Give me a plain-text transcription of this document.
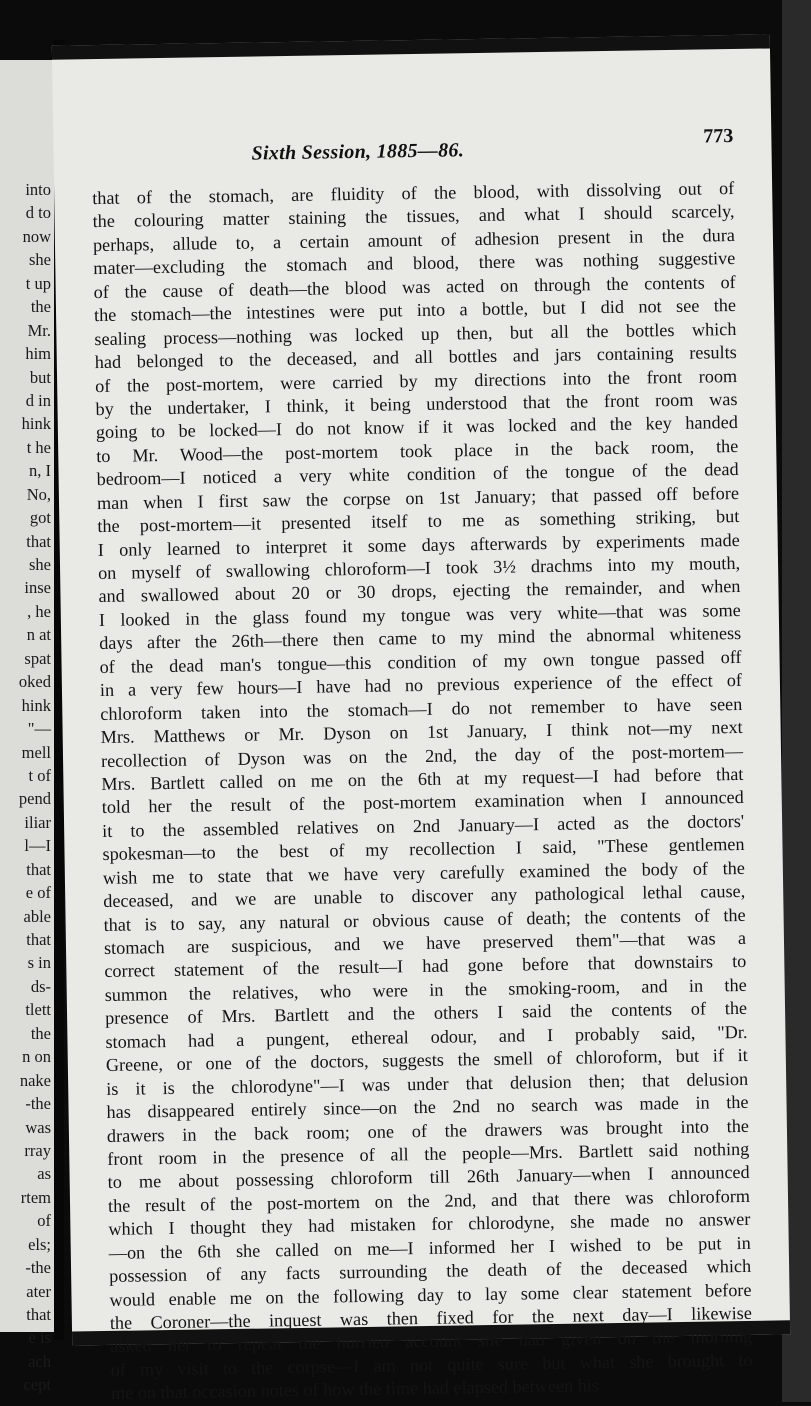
into
d to
now
she
t up
the
Mr.
him
but
d in
hink
t he
n, I
No,
got
that
she
inse
, he
n at
spat
oked
hink
"—
mell
t of
pend
iliar
l—I
that
e of
able
that
s in
ds-
tlett
the
n on
nake
-the
was
rray
as
rtem
of
els;
-the
ater
that
e is
ach
cept
Sixth Session, 1885—86.
773
that of the stomach, are fluidity of the blood, with dissolving out of
the colouring matter staining the tissues, and what I should scarcely,
perhaps, allude to, a certain amount of adhesion present in the dura
mater—excluding the stomach and blood, there was nothing suggestive
of the cause of death—the blood was acted on through the contents of
the stomach—the intestines were put into a bottle, but I did not see the
sealing process—nothing was locked up then, but all the bottles which
had belonged to the deceased, and all bottles and jars containing results
of the post-mortem, were carried by my directions into the front room
by the undertaker, I think, it being understood that the front room was
going to be locked—I do not know if it was locked and the key handed
to Mr. Wood—the post-mortem took place in the back room, the
bedroom—I noticed a very white condition of the tongue of the dead
man when I first saw the corpse on 1st January; that passed off before
the post-mortem—it presented itself to me as something striking, but
I only learned to interpret it some days afterwards by experiments made
on myself of swallowing chloroform—I took 3½ drachms into my mouth,
and swallowed about 20 or 30 drops, ejecting the remainder, and when
I looked in the glass found my tongue was very white—that was some
days after the 26th—there then came to my mind the abnormal whiteness
of the dead man's tongue—this condition of my own tongue passed off
in a very few hours—I have had no previous experience of the effect of
chloroform taken into the stomach—I do not remember to have seen
Mrs. Matthews or Mr. Dyson on 1st January, I think not—my next
recollection of Dyson was on the 2nd, the day of the post-mortem—
Mrs. Bartlett called on me on the 6th at my request—I had before that
told her the result of the post-mortem examination when I announced
it to the assembled relatives on 2nd January—I acted as the doctors'
spokesman—to the best of my recollection I said, "These gentlemen
wish me to state that we have very carefully examined the body of the
deceased, and we are unable to discover any pathological lethal cause,
that is to say, any natural or obvious cause of death; the contents of the
stomach are suspicious, and we have preserved them"—that was a
correct statement of the result—I had gone before that downstairs to
summon the relatives, who were in the smoking-room, and in the
presence of Mrs. Bartlett and the others I said the contents of the
stomach had a pungent, ethereal odour, and I probably said, "Dr.
Greene, or one of the doctors, suggests the smell of chloroform, but if it
is it is the chlorodyne"—I was under that delusion then; that delusion
has disappeared entirely since—on the 2nd no search was made in the
drawers in the back room; one of the drawers was brought into the
front room in the presence of all the people—Mrs. Bartlett said nothing
to me about possessing chloroform till 26th January—when I announced
the result of the post-mortem on the 2nd, and that there was chloroform
which I thought they had mistaken for chlorodyne, she made no answer
—on the 6th she called on me—I informed her I wished to be put in
possession of any facts surrounding the death of the deceased which
would enable me on the following day to lay some clear statement before
the Coroner—the inquest was then fixed for the next day—I likewise
asked her to repeat the hurried account she had given on the morning
of my visit to the corpse—I am not quite sure but what she brought to
me on that occasion notes of how the time had elapsed between his
